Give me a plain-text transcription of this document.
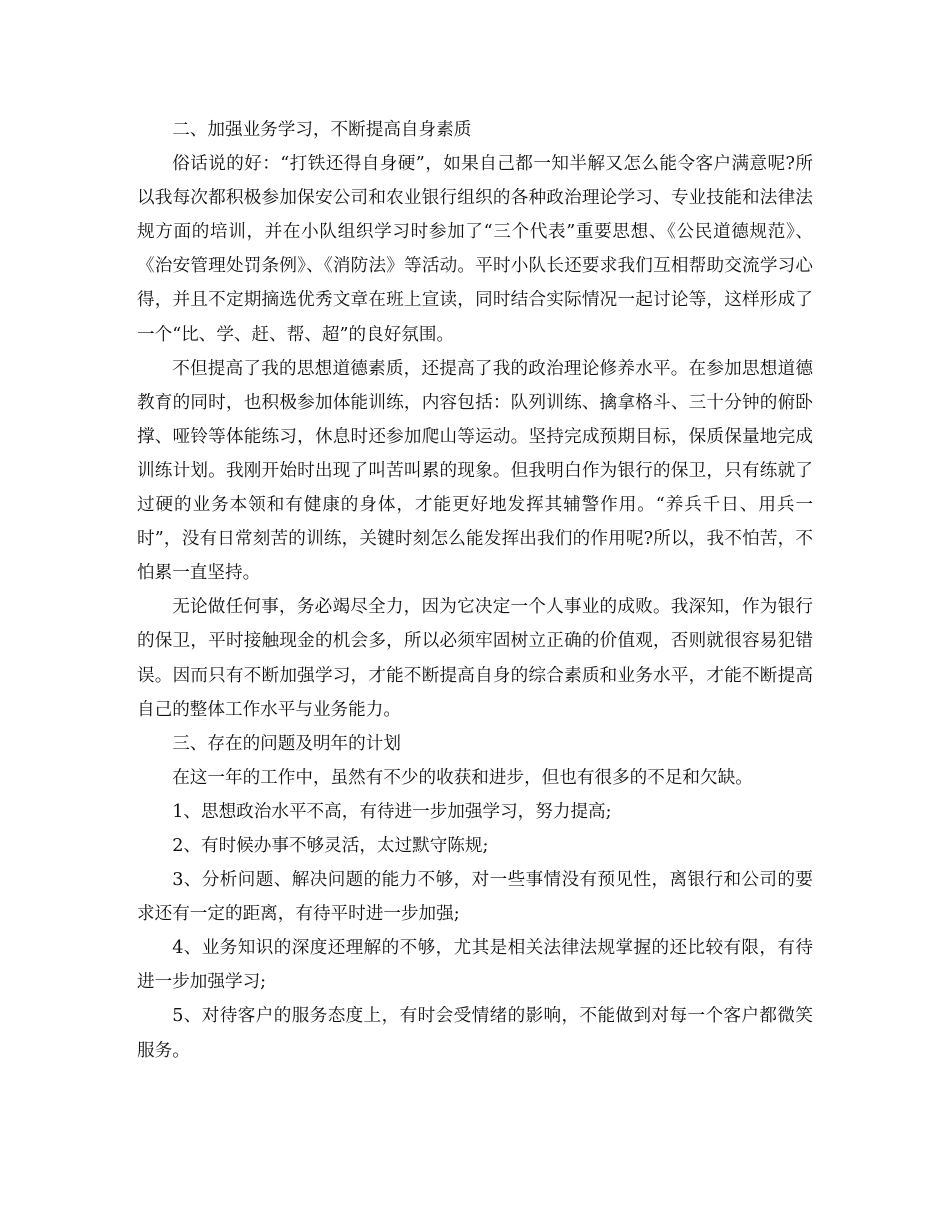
二、加强业务学习，不断提高自身素质

俗话说的好：“打铁还得自身硬”，如果自己都一知半解又怎么能令客户满意呢?所以我每次都积极参加保安公司和农业银行组织的各种政治理论学习、专业技能和法律法规方面的培训，并在小队组织学习时参加了“三个代表”重要思想、《公民道德规范》、《治安管理处罚条例》、《消防法》等活动。平时小队长还要求我们互相帮助交流学习心得，并且不定期摘选优秀文章在班上宣读，同时结合实际情况一起讨论等，这样形成了一个“比、学、赶、帮、超”的良好氛围。

不但提高了我的思想道德素质，还提高了我的政治理论修养水平。在参加思想道德教育的同时，也积极参加体能训练，内容包括：队列训练、擒拿格斗、三十分钟的俯卧撑、哑铃等体能练习，休息时还参加爬山等运动。坚持完成预期目标，保质保量地完成训练计划。我刚开始时出现了叫苦叫累的现象。但我明白作为银行的保卫，只有练就了过硬的业务本领和有健康的身体，才能更好地发挥其辅警作用。“养兵千日、用兵一时”，没有日常刻苦的训练，关键时刻怎么能发挥出我们的作用呢?所以，我不怕苦，不怕累一直坚持。

无论做任何事，务必竭尽全力，因为它决定一个人事业的成败。我深知，作为银行的保卫，平时接触现金的机会多，所以必须牢固树立正确的价值观，否则就很容易犯错误。因而只有不断加强学习，才能不断提高自身的综合素质和业务水平，才能不断提高自己的整体工作水平与业务能力。

三、存在的问题及明年的计划

在这一年的工作中，虽然有不少的收获和进步，但也有很多的不足和欠缺。

1、思想政治水平不高，有待进一步加强学习，努力提高;

2、有时候办事不够灵活，太过默守陈规;

3、分析问题、解决问题的能力不够，对一些事情没有预见性，离银行和公司的要求还有一定的距离，有待平时进一步加强;

4、业务知识的深度还理解的不够，尤其是相关法律法规掌握的还比较有限，有待进一步加强学习;

5、对待客户的服务态度上，有时会受情绪的影响，不能做到对每一个客户都微笑服务。
